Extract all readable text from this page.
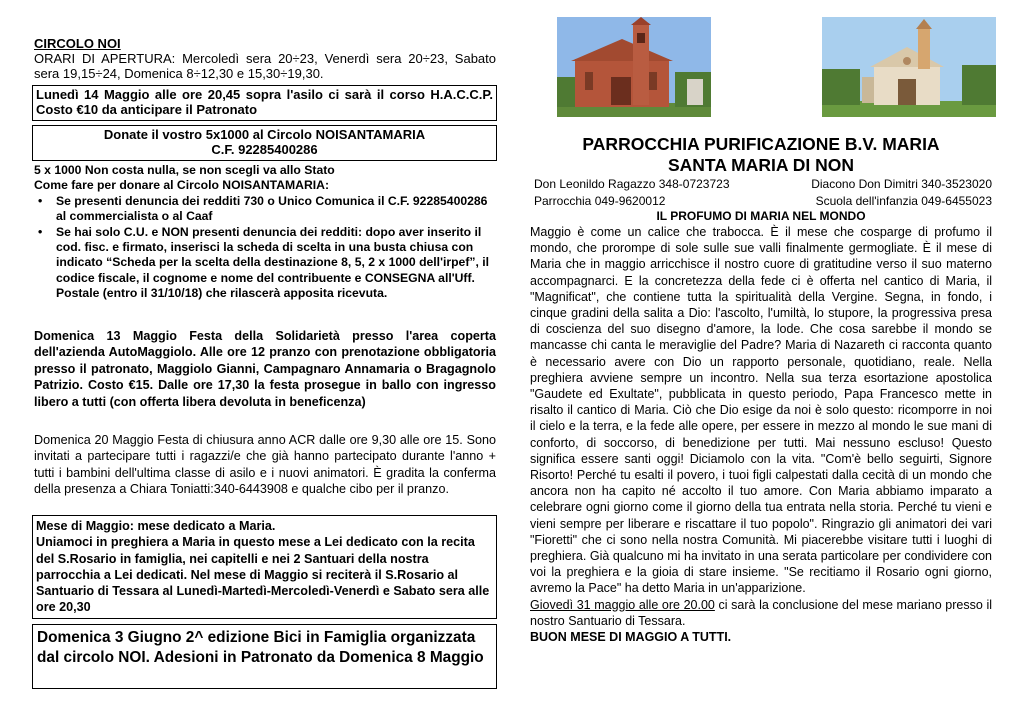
CIRCOLO NOI

ORARI DI APERTURA: Mercoledì sera 20÷23, Venerdì sera 20÷23, Sabato sera 19,15÷24, Domenica 8÷12,30 e 15,30÷19,30.

Lunedì 14 Maggio alle ore 20,45 sopra l'asilo ci sarà il corso H.A.C.C.P. Costo €10 da anticipare il Patronato

Donate il vostro 5x1000 al Circolo NOISANTAMARIA

C.F. 92285400286

5 x 1000 Non costa nulla, se non scegli va allo Stato

Come fare per donare al Circolo NOISANTAMARIA:

• Se presenti denuncia dei redditi 730 o Unico Comunica il C.F. 92285400286 al commercialista o al Caaf
• Se hai solo C.U. e NON presenti denuncia dei redditi: dopo aver inserito il cod. fisc. e firmato, inserisci la scheda di scelta in una busta chiusa con indicato “Scheda per la scelta della destinazione 8, 5, 2 x 1000 dell'irpef”, il codice fiscale, il cognome e nome del contribuente e CONSEGNA all'Uff. Postale (entro il 31/10/18) che rilascerà apposita ricevuta.

Domenica 13 Maggio Festa della Solidarietà presso l'area coperta dell'azienda AutoMaggiolo. Alle ore 12 pranzo con prenotazione obbligatoria presso il patronato, Maggiolo Gianni, Campagnaro Annamaria o Bragagnolo Patrizio. Costo €15. Dalle ore 17,30 la festa prosegue in ballo con ingresso libero a tutti (con offerta libera devoluta in beneficenza)

Domenica 20 Maggio Festa di chiusura anno ACR dalle ore 9,30 alle ore 15. Sono invitati a partecipare tutti i ragazzi/e che già hanno partecipato durante l'anno + tutti i bambini dell'ultima classe di asilo e i nuovi animatori. È gradita la conferma della presenza a Chiara Toniatti:340-6443908 e qualche cibo per il pranzo.

Mese di Maggio: mese dedicato a Maria.

Uniamoci in preghiera a Maria in questo mese a Lei dedicato con la recita del S.Rosario in famiglia, nei capitelli e nei 2 Santuari della nostra parrocchia a Lei dedicati. Nel mese di Maggio si reciterà il S.Rosario al Santuario di Tessara al Lunedì-Martedì-Mercoledì-Venerdì e Sabato sera alle ore 20,30

Domenica 3 Giugno 2^ edizione Bici in Famiglia organizzata dal circolo NOI. Adesioni in Patronato da Domenica 8 Maggio

PARROCCHIA PURIFICAZIONE B.V. MARIA

SANTA MARIA DI NON

Don Leonildo Ragazzo 348-0723723	Diacono Don Dimitri 340-3523020
Parrocchia 049-9620012	Scuola dell'infanzia 049-6455023

IL PROFUMO DI MARIA NEL MONDO

Maggio è come un calice che trabocca. È il mese che cosparge di profumo il mondo, che prorompe di sole sulle sue valli finalmente germogliate. È il mese di Maria che in maggio arricchisce il nostro cuore di gratitudine verso il suo materno accompagnarci. E la concretezza della fede ci è offerta nel cantico di Maria, il "Magnificat", che contiene tutta la spiritualità della Vergine. Segna, in fondo, i cinque gradini della salita a Dio: l'ascolto, l'umiltà, lo stupore, la progressiva presa di coscienza del suo disegno d'amore, la lode. Che cosa sarebbe il mondo se mancasse chi canta le meraviglie del Padre? Maria di Nazareth ci racconta quanto è necessario avere con Dio un rapporto personale, quotidiano, reale. Nella preghiera avviene sempre un incontro. Nella sua terza esortazione apostolica "Gaudete ed Exultate", pubblicata in questo periodo, Papa Francesco mette in risalto il cantico di Maria. Ciò che Dio esige da noi è solo questo: ricomporre in noi il cielo e la terra, e la fede alle opere, per essere in mezzo al mondo le sue mani di conforto, di soccorso, di benedizione per tutti. Mai nessuno escluso! Questo significa essere santi oggi! Diciamolo con la vita. "Com'è bello seguirti, Signore Risorto! Perché tu esalti il povero, i tuoi figli calpestati dalla cecità di un mondo che ancora non ha capito né accolto il tuo amore. Con Maria abbiamo imparato a celebrare ogni giorno come il giorno della tua entrata nella storia. Perché tu vieni e vieni sempre per liberare e riscattare il tuo popolo". Ringrazio gli animatori dei vari "Fioretti" che ci sono nella nostra Comunità. Mi piacerebbe visitare tutti i luoghi di preghiera. Già qualcuno mi ha invitato in una serata particolare per condividere con voi la preghiera e la gioia di stare insieme. "Se recitiamo il Rosario ogni giorno, avremo la Pace" ha detto Maria in un'apparizione.

Giovedì 31 maggio alle ore 20.00 ci sarà la conclusione del mese mariano presso il nostro Santuario di Tessara.

BUON MESE DI MAGGIO A TUTTI.
